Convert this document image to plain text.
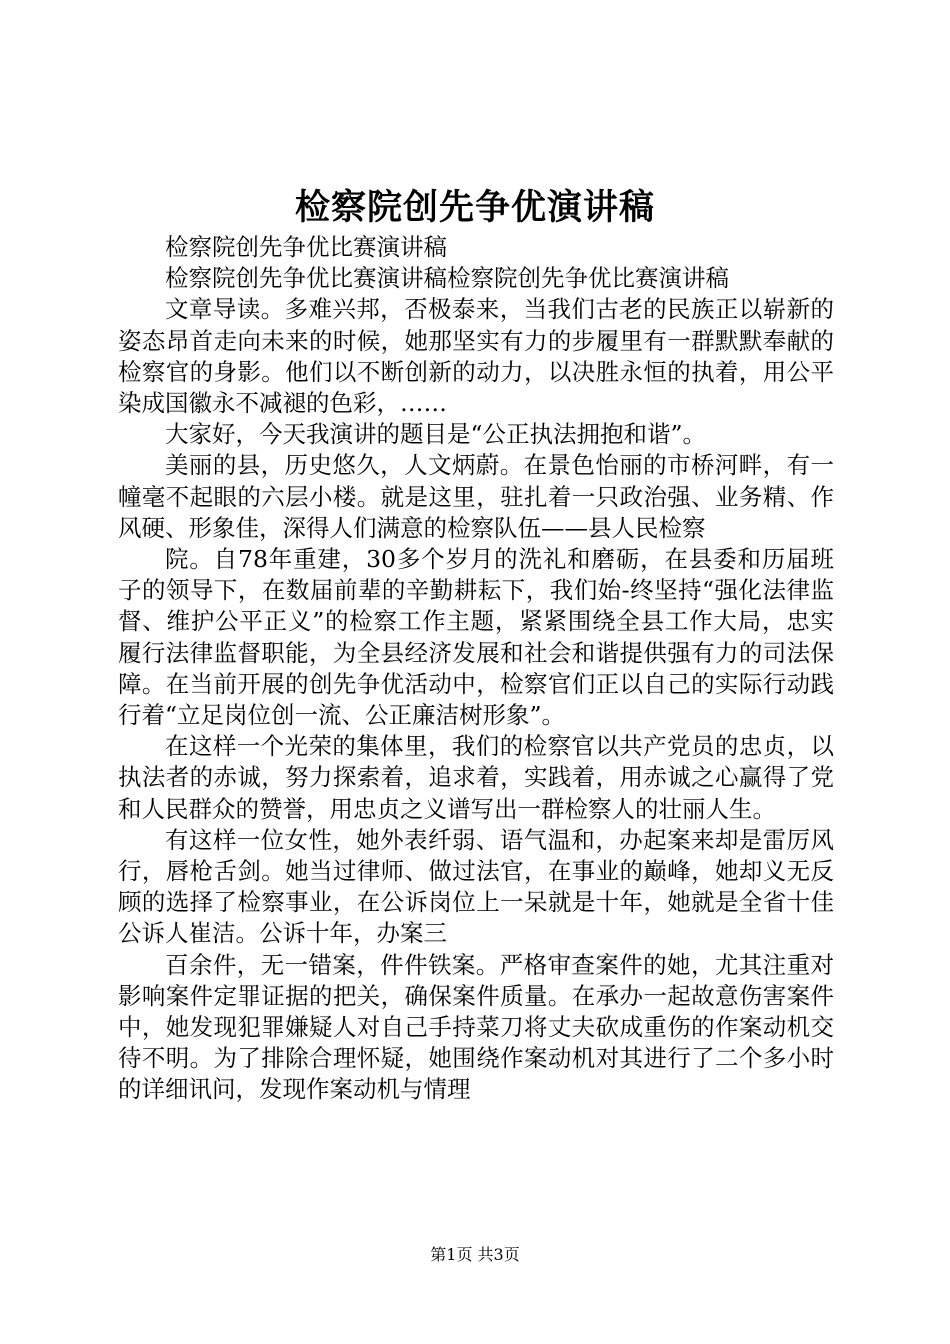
检察院创先争优演讲稿

检察院创先争优比赛演讲稿

检察院创先争优比赛演讲稿检察院创先争优比赛演讲稿

文章导读。多难兴邦，否极泰来，当我们古老的民族正以崭新的姿态昂首走向未来的时候，她那坚实有力的步履里有一群默默奉献的检察官的身影。他们以不断创新的动力，以决胜永恒的执着，用公平染成国徽永不减褪的色彩，……

大家好，今天我演讲的题目是“公正执法拥抱和谐”。

美丽的县，历史悠久，人文炳蔚。在景色怡丽的市桥河畔，有一幢毫不起眼的六层小楼。就是这里，驻扎着一只政治强、业务精、作风硬、形象佳，深得人们满意的检察队伍——县人民检察

院。自78年重建，30多个岁月的洗礼和磨砺，在县委和历届班子的领导下，在数届前辈的辛勤耕耘下，我们始-终坚持“强化法律监督、维护公平正义”的检察工作主题，紧紧围绕全县工作大局，忠实履行法律监督职能，为全县经济发展和社会和谐提供强有力的司法保障。在当前开展的创先争优活动中，检察官们正以自己的实际行动践行着“立足岗位创一流、公正廉洁树形象”。

在这样一个光荣的集体里，我们的检察官以共产党员的忠贞，以执法者的赤诚，努力探索着，追求着，实践着，用赤诚之心赢得了党和人民群众的赞誉，用忠贞之义谱写出一群检察人的壮丽人生。

有这样一位女性，她外表纤弱、语气温和，办起案来却是雷厉风行，唇枪舌剑。她当过律师、做过法官，在事业的巅峰，她却义无反顾的选择了检察事业，在公诉岗位上一呆就是十年，她就是全省十佳公诉人崔洁。公诉十年，办案三

百余件，无一错案，件件铁案。严格审查案件的她，尤其注重对影响案件定罪证据的把关，确保案件质量。在承办一起故意伤害案件中，她发现犯罪嫌疑人对自己手持菜刀将丈夫砍成重伤的作案动机交待不明。为了排除合理怀疑，她围绕作案动机对其进行了二个多小时的详细讯问，发现作案动机与情理

第1页 共3页
